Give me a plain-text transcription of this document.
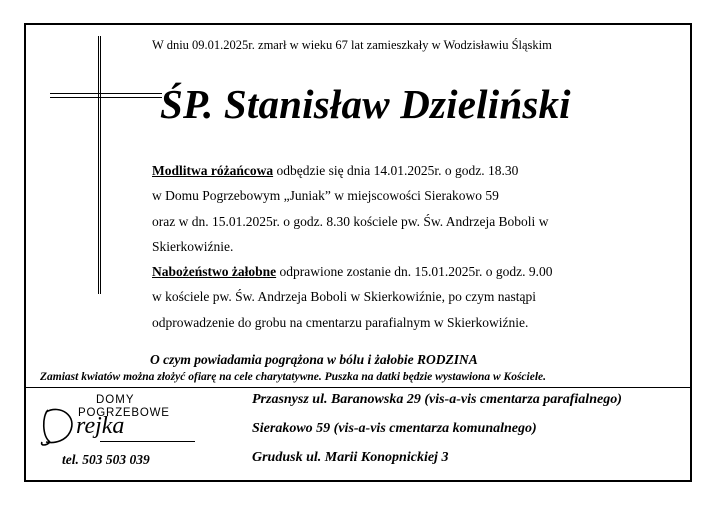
W dniu 09.01.2025r. zmarł w wieku 67 lat zamieszkały w Wodzisławiu Śląskim
ŚP. Stanisław Dzieliński
Modlitwa różańcowa odbędzie się dnia 14.01.2025r. o godz. 18.30
w Domu Pogrzebowym „Juniak” w miejscowości Sierakowo 59
oraz w dn. 15.01.2025r. o godz. 8.30 kościele pw. Św. Andrzeja Boboli w
Skierkowiźnie.
Nabożeństwo żałobne odprawione zostanie dn. 15.01.2025r. o godz. 9.00
w kościele pw. Św. Andrzeja Boboli w Skierkowiźnie, po czym nastąpi
odprowadzenie do grobu na cmentarzu parafialnym w Skierkowiźnie.
O czym powiadamia pogrążona w bólu i żałobie RODZINA
Zamiast kwiatów można złożyć ofiarę na cele charytatywne. Puszka na datki będzie wystawiona w Kościele.
DOMY
POGRZEBOWE
rejka
tel. 503 503 039
Przasnysz ul. Baranowska 29 (vis-a-vis cmentarza parafialnego)
Sierakowo 59 (vis-a-vis cmentarza komunalnego)
Grudusk ul. Marii Konopnickiej 3
